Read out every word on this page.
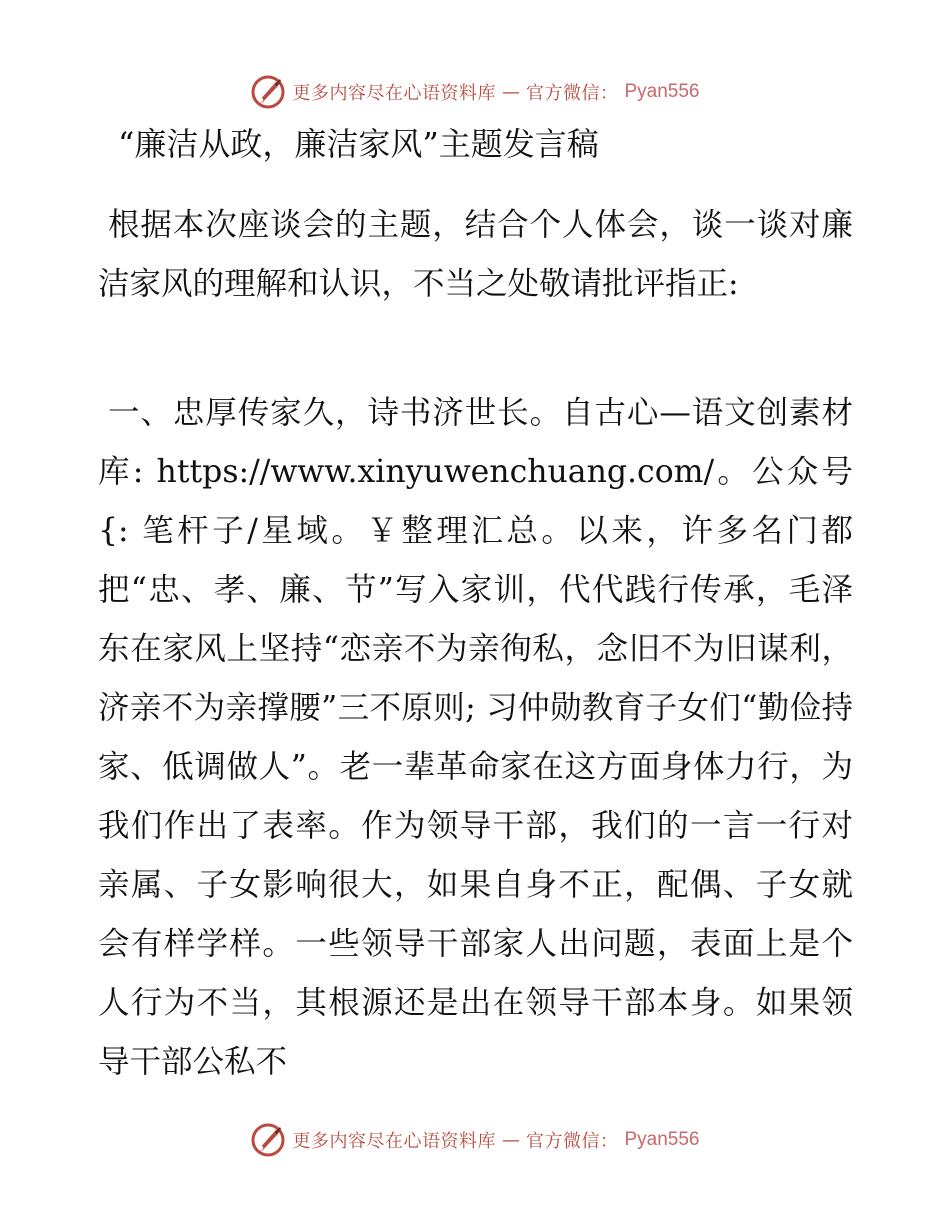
更多内容尽在心语资料库 — 官方微信： Pyan556
“廉洁从政，廉洁家风”主题发言稿

根据本次座谈会的主题，结合个人体会，谈一谈对廉洁家风的理解和认识，不当之处敬请批评指正:

一、忠厚传家久，诗书济世长。自古心—语文创素材库: https://www.xinyuwenchuang.com/。公众号{: 笔杆子/星域。￥整理汇总。以来，许多名门都把“忠、孝、廉、节”写入家训，代代践行传承，毛泽东在家风上坚持“恋亲不为亲徇私，念旧不为旧谋利，济亲不为亲撑腰”三不原则; 习仲勋教育子女们“勤俭持家、低调做人”。老一辈革命家在这方面身体力行，为我们作出了表率。作为领导干部，我们的一言一行对亲属、子女影响很大，如果自身不正，配偶、子女就会有样学样。一些领导干部家人出问题，表面上是个人行为不当，其根源还是出在领导干部本身。如果领导干部公私不

更多内容尽在心语资料库 — 官方微信： Pyan556
